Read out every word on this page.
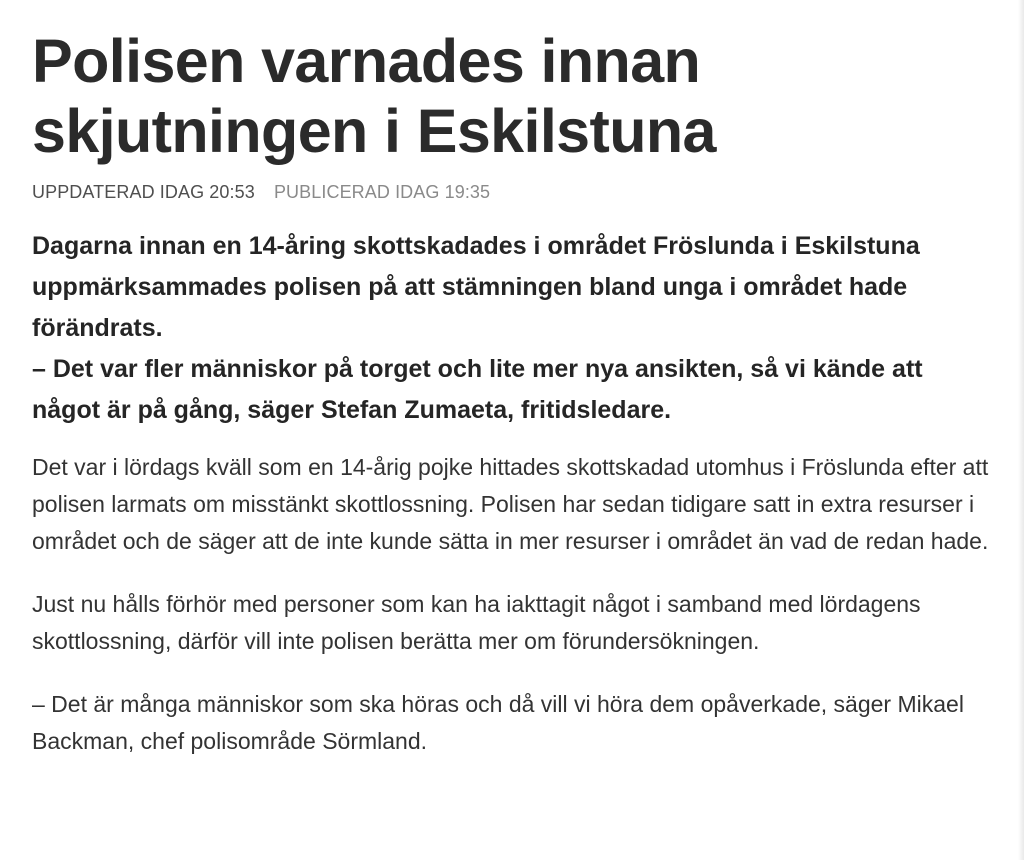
Polisen varnades innan skjutningen i Eskilstuna
UPPDATERAD IDAG 20:53 PUBLICERAD IDAG 19:35

Dagarna innan en 14-åring skottskadades i området Fröslunda i Eskilstuna uppmärksammades polisen på att stämningen bland unga i området hade förändrats.

– Det var fler människor på torget och lite mer nya ansikten, så vi kände att något är på gång, säger Stefan Zumaeta, fritidsledare.

Det var i lördags kväll som en 14-årig pojke hittades skottskadad utomhus i Fröslunda efter att polisen larmats om misstänkt skottlossning. Polisen har sedan tidigare satt in extra resurser i området och de säger att de inte kunde sätta in mer resurser i området än vad de redan hade.

Just nu hålls förhör med personer som kan ha iakttagit något i samband med lördagens skottlossning, därför vill inte polisen berätta mer om förundersökningen.

– Det är många människor som ska höras och då vill vi höra dem opåverkade, säger Mikael Backman, chef polisområde Sörmland.
